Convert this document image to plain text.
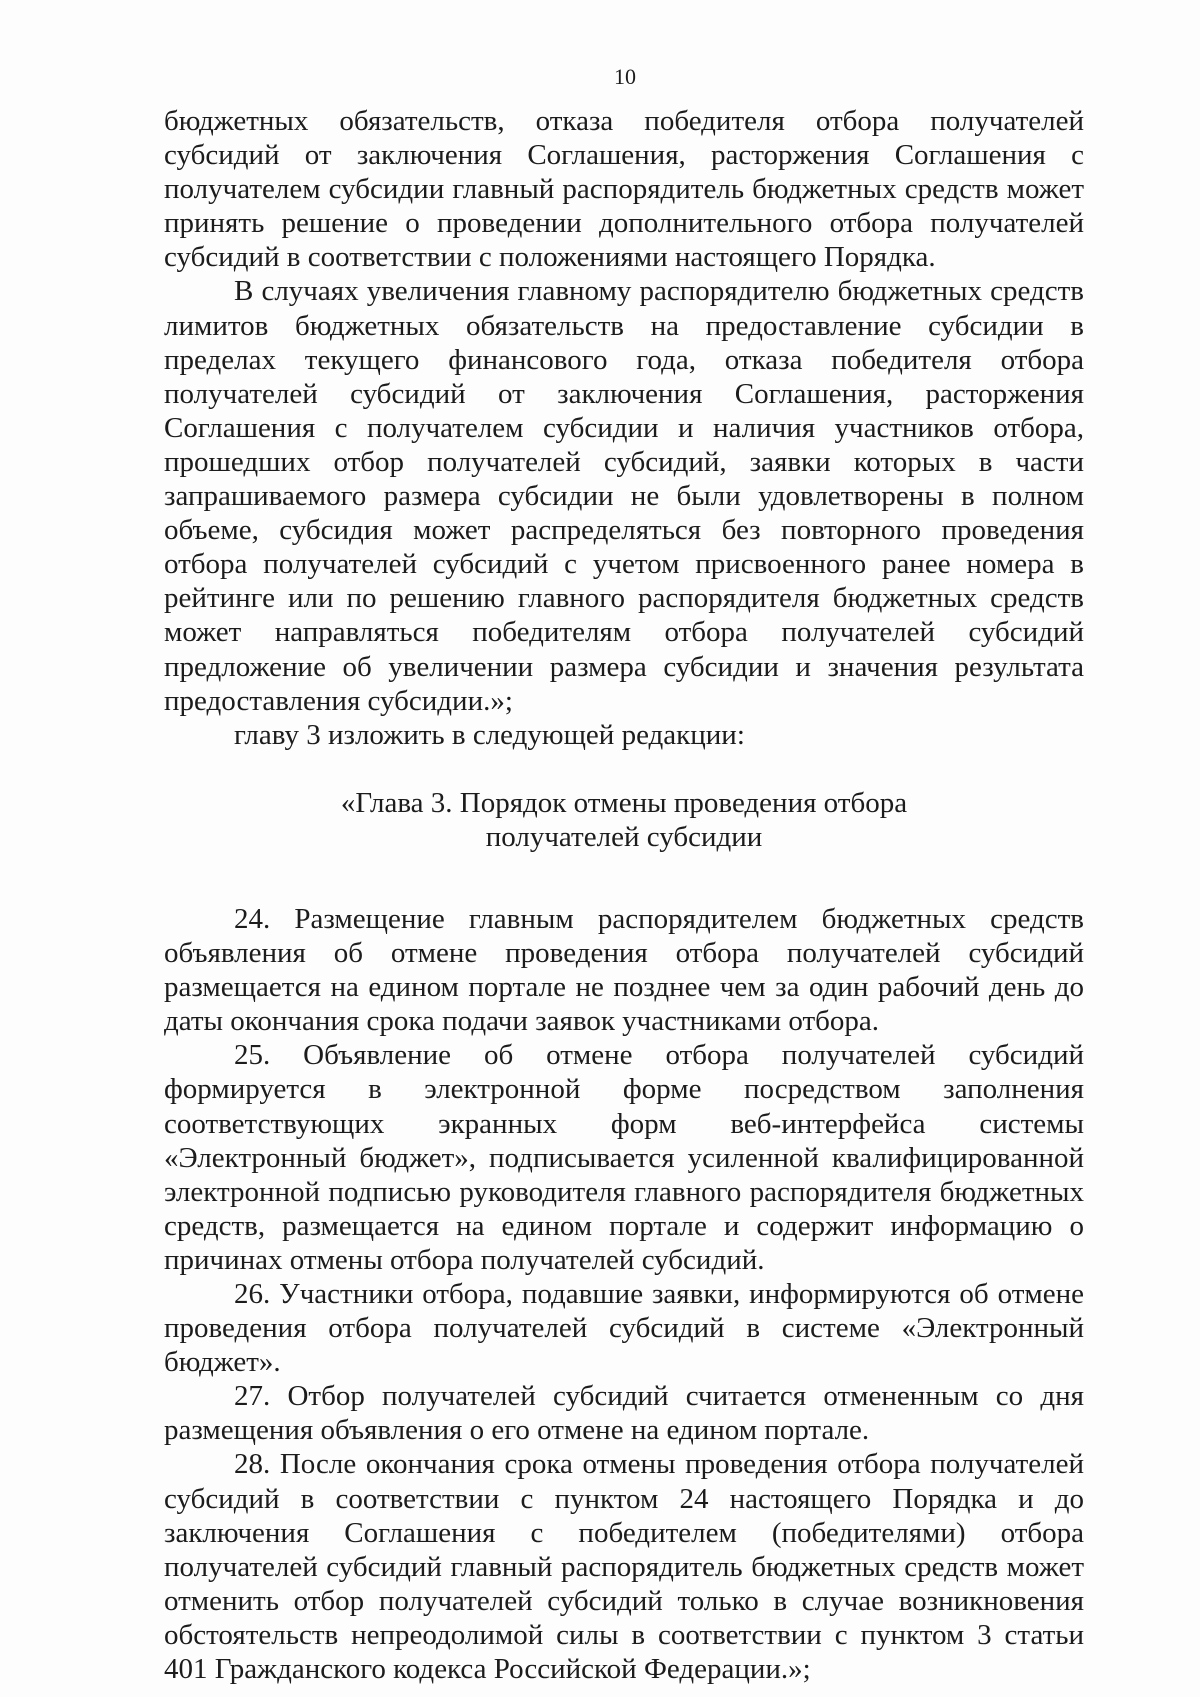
10

бюджетных обязательств, отказа победителя отбора получателей субсидий от заключения Соглашения, расторжения Соглашения с получателем субсидии главный распорядитель бюджетных средств может принять решение о проведении дополнительного отбора получателей субсидий в соответствии с положениями настоящего Порядка.

В случаях увеличения главному распорядителю бюджетных средств лимитов бюджетных обязательств на предоставление субсидии в пределах текущего финансового года, отказа победителя отбора получателей субсидий от заключения Соглашения, расторжения Соглашения с получателем субсидии и наличия участников отбора, прошедших отбор получателей субсидий, заявки которых в части запрашиваемого размера субсидии не были удовлетворены в полном объеме, субсидия может распределяться без повторного проведения отбора получателей субсидий с учетом присвоенного ранее номера в рейтинге или по решению главного распорядителя бюджетных средств может направляться победителям отбора получателей субсидий предложение об увеличении размера субсидии и значения результата предоставления субсидии.»;

главу 3 изложить в следующей редакции:

«Глава 3. Порядок отмены проведения отбора
получателей субсидии

24. Размещение главным распорядителем бюджетных средств объявления об отмене проведения отбора получателей субсидий размещается на едином портале не позднее чем за один рабочий день до даты окончания срока подачи заявок участниками отбора.

25. Объявление об отмене отбора получателей субсидий формируется в электронной форме посредством заполнения соответствующих экранных форм веб-интерфейса системы «Электронный бюджет», подписывается усиленной квалифицированной электронной подписью руководителя главного распорядителя бюджетных средств, размещается на едином портале и содержит информацию о причинах отмены отбора получателей субсидий.

26. Участники отбора, подавшие заявки, информируются об отмене проведения отбора получателей субсидий в системе «Электронный бюджет».

27. Отбор получателей субсидий считается отмененным со дня размещения объявления о его отмене на едином портале.

28. После окончания срока отмены проведения отбора получателей субсидий в соответствии с пунктом 24 настоящего Порядка и до заключения Соглашения с победителем (победителями) отбора получателей субсидий главный распорядитель бюджетных средств может отменить отбор получателей субсидий только в случае возникновения обстоятельств непреодолимой силы в соответствии с пунктом 3 статьи 401 Гражданского кодекса Российской Федерации.»;
